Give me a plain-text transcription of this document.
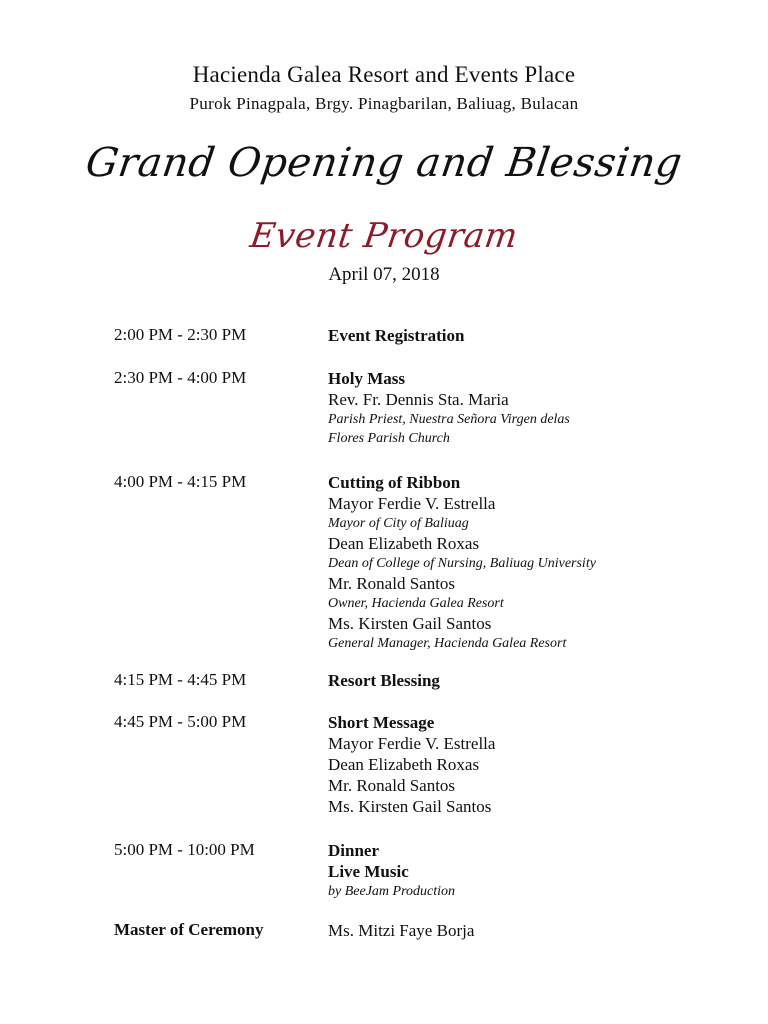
Hacienda Galea Resort and Events Place
Purok Pinagpala, Brgy. Pinagbarilan, Baliuag, Bulacan
Grand Opening and Blessing
Event Program
April 07, 2018
2:00 PM - 2:30 PM	Event Registration
2:30 PM - 4:00 PM	Holy Mass
Rev. Fr. Dennis Sta. Maria
Parish Priest, Nuestra Señora Virgen delas
Flores Parish Church
4:00 PM - 4:15 PM	Cutting of Ribbon
Mayor Ferdie V. Estrella
Mayor of City of Baliuag
Dean Elizabeth Roxas
Dean of College of Nursing, Baliuag University
Mr. Ronald Santos
Owner, Hacienda Galea Resort
Ms. Kirsten Gail Santos
General Manager, Hacienda Galea Resort
4:15 PM - 4:45 PM	Resort Blessing
4:45 PM - 5:00 PM	Short Message
Mayor Ferdie V. Estrella
Dean Elizabeth Roxas
Mr. Ronald Santos
Ms. Kirsten Gail Santos
5:00 PM - 10:00 PM	Dinner
Live Music
by BeeJam Production
Master of Ceremony	Ms. Mitzi Faye Borja
